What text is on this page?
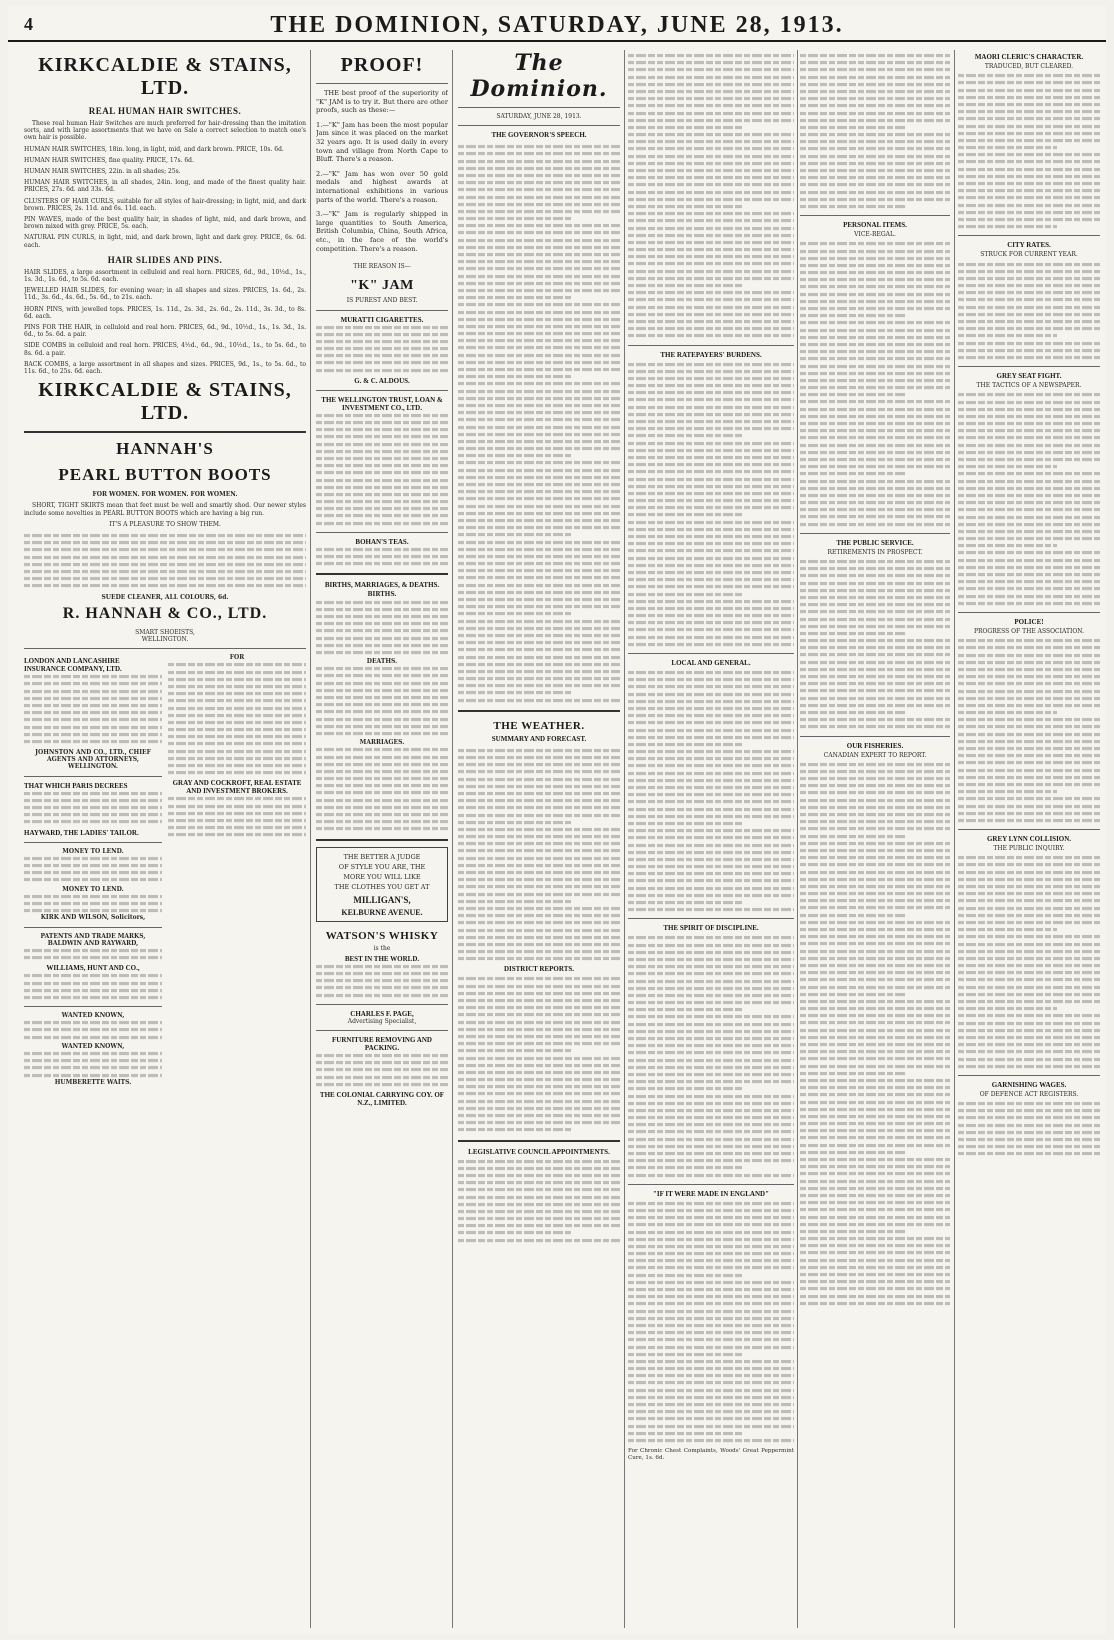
4	THE DOMINION, SATURDAY, JUNE 28, 1913.
KIRKCALDIE & STAINS, LTD.
REAL HUMAN HAIR SWITCHES.
These real human Hair Switches are much preferred for hair-dressing than the imitation sorts, and with large assortments that we have on Sale a correct selection to match one's own hair is possible.
HUMAN HAIR SWITCHES, 18in. long, in light, mid, and dark brown. PRICE, 10s. 6d.
HUMAN HAIR SWITCHES, fine quality. PRICE, 17s. 6d.
HUMAN HAIR SWITCHES, 22in. in all shades; 25s.
HUMAN HAIR SWITCHES, in all shades, 24in. long, and made of the finest quality hair. PRICES, 27s. 6d. and 33s. 6d.
CLUSTERS OF HAIR CURLS, suitable for all styles of hair-dressing; in light, mid, and dark brown. PRICES, 2s. 11d. and 6s. 11d. each.
PIN WAVES, made of the best quality hair, in shades of light, mid, and dark brown, and brown mixed with grey. PRICE, 5s. each.
NATURAL PIN CURLS, in light, mid, and dark brown, light and dark grey. PRICE, 6s. 6d. each.
HAIR SLIDES AND PINS.
HAIR SLIDES, a large assortment in celluloid and real horn. PRICES, 6d., 9d., 10½d., 1s., 1s. 3d., 1s. 6d., to 5s. 6d. each.
JEWELLED HAIR SLIDES, for evening wear; in all shapes and sizes. PRICES, 1s. 6d., 2s. 11d., 3s. 6d., 4s. 6d., 5s. 6d., to 21s. each.
HORN PINS, with jewelled tops. PRICES, 1s. 11d., 2s. 3d., 2s. 6d., 2s. 11d., 3s. 3d., to 8s. 6d. each.
PINS FOR THE HAIR, in celluloid and real horn. PRICES, 6d., 9d., 10½d., 1s., 1s. 3d., 1s. 6d., to 5s. 6d. a pair.
SIDE COMBS in celluloid and real horn. PRICES, 4½d., 6d., 9d., 10½d., 1s., to 5s. 6d., to 8s. 6d. a pair.
BACK COMBS, a large assortment in all shapes and sizes. PRICES, 9d., 1s., to 5s. 6d., to 11s. 6d., to 25s. 6d. each.
KIRKCALDIE & STAINS, LTD.
HANNAH'S
PEARL BUTTON BOOTS
FOR WOMEN. FOR WOMEN. FOR WOMEN.
SHORT, TIGHT SKIRTS mean that feet must be well and smartly shod. Our newer styles include some novelties in PEARL BUTTON BOOTS which are having a big run.
IT'S A PLEASURE TO SHOW THEM.
SUEDE CLEANER, ALL COLOURS, 6d.
R. HANNAH & CO., LTD.
SMART SHOEISTS,
WELLINGTON.
LONDON AND LANCASHIRE INSURANCE COMPANY, LTD.
JOHNSTON AND CO., LTD., CHIEF AGENTS AND ATTORNEYS, WELLINGTON.
THAT WHICH PARIS DECREES
HAYWARD, THE LADIES' TAILOR.
MONEY TO LEND.
MONEY TO LEND.
KIRK AND WILSON, Solicitors,
PATENTS AND TRADE MARKS,
BALDWIN AND RAYWARD,
WILLIAMS, HUNT AND CO.,
WANTED KNOWN,
WANTED KNOWN,
HUMBERETTE WAITS.
FOR
GRAY AND COCKROFT, REAL ESTATE AND INVESTMENT BROKERS.
PROOF!
THE best proof of the superiority of "K" JAM is to try it. But there are other proofs, such as these:—
1.—"K" Jam has been the most popular Jam since it was placed on the market 32 years ago. It is used daily in every town and village from North Cape to Bluff. There's a reason.
2.—"K" Jam has won over 50 gold medals and highest awards at international exhibitions in various parts of the world. There's a reason.
3.—"K" Jam is regularly shipped in large quantities to South America, British Columbia, China, South Africa, etc., in the face of the world's competition. There's a reason.
THE REASON IS—
"K" JAM
IS PUREST AND BEST.
MURATTI CIGARETTES.
G. & C. ALDOUS.
THE WELLINGTON TRUST, LOAN & INVESTMENT CO., LTD.
BOHAN'S TEAS.
BIRTHS, MARRIAGES, & DEATHS.
BIRTHS.
DEATHS.
MARRIAGES.
THE BETTER A JUDGE
OF STYLE YOU ARE, THE
MORE YOU WILL LIKE
THE CLOTHES YOU GET AT
MILLIGAN'S,
KELBURNE AVENUE.
WATSON'S WHISKY
is the
BEST IN THE WORLD.
CHARLES F. PAGE,
Advertising Specialist,
FURNITURE REMOVING AND PACKING.
THE COLONIAL CARRYING COY. OF N.Z., LIMITED.
The Dominion.
SATURDAY, JUNE 28, 1913.
THE GOVERNOR'S SPEECH.
THE WEATHER.
SUMMARY AND FORECAST.
DISTRICT REPORTS.
LEGISLATIVE COUNCIL APPOINTMENTS.
THE RATEPAYERS' BURDENS.
LOCAL AND GENERAL.
THE SPIRIT OF DISCIPLINE.
"IF IT WERE MADE IN ENGLAND"
For Chronic Chest Complaints, Woods' Great Peppermint Cure, 1s. 6d.
PERSONAL ITEMS.
VICE-REGAL.
THE PUBLIC SERVICE.
RETIREMENTS IN PROSPECT.
OUR FISHERIES.
CANADIAN EXPERT TO REPORT.
MAORI CLERIC'S CHARACTER.
TRADUCED, BUT CLEARED.
CITY RATES.
STRUCK FOR CURRENT YEAR.
GREY SEAT FIGHT.
THE TACTICS OF A NEWSPAPER.
POLICE!
PROGRESS OF THE ASSOCIATION.
GREY LYNN COLLISION.
THE PUBLIC INQUIRY.
GARNISHING WAGES.
OF DEFENCE ACT REGISTERS.
